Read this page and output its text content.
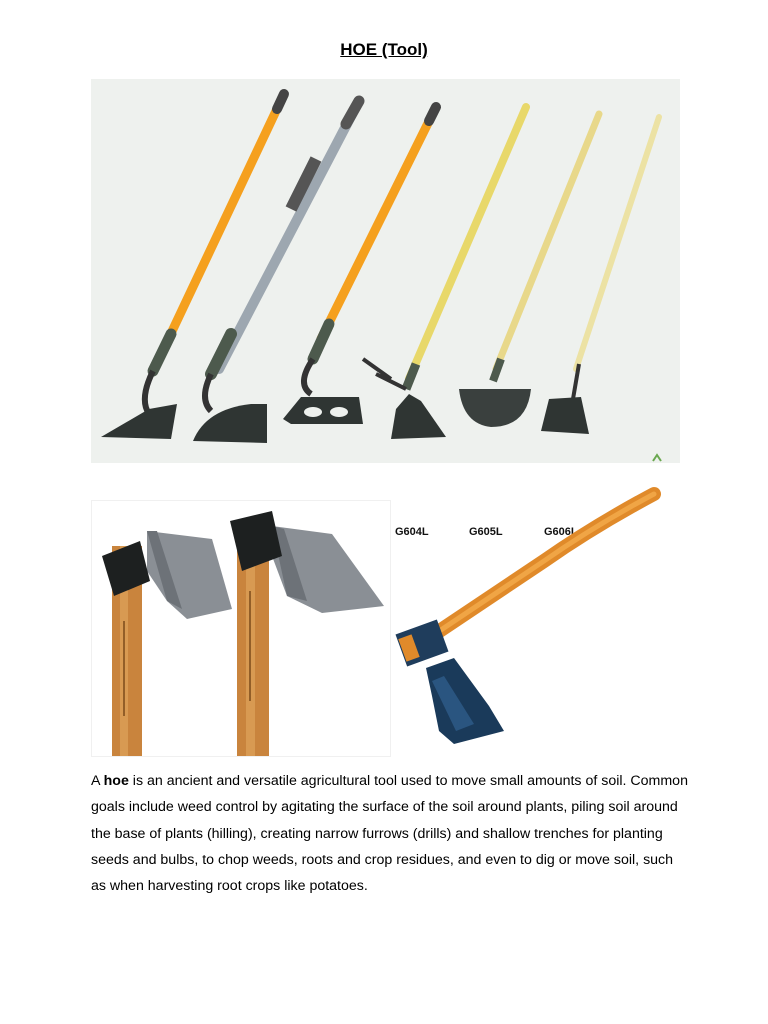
HOE (Tool)
G604L	G605L	G606L
A hoe is an ancient and versatile agricultural tool used to move small amounts of soil. Common goals include weed control by agitating the surface of the soil around plants, piling soil around the base of plants (hilling), creating narrow furrows (drills) and shallow trenches for planting seeds and bulbs, to chop weeds, roots and crop residues, and even to dig or move soil, such as when harvesting root crops like potatoes.
